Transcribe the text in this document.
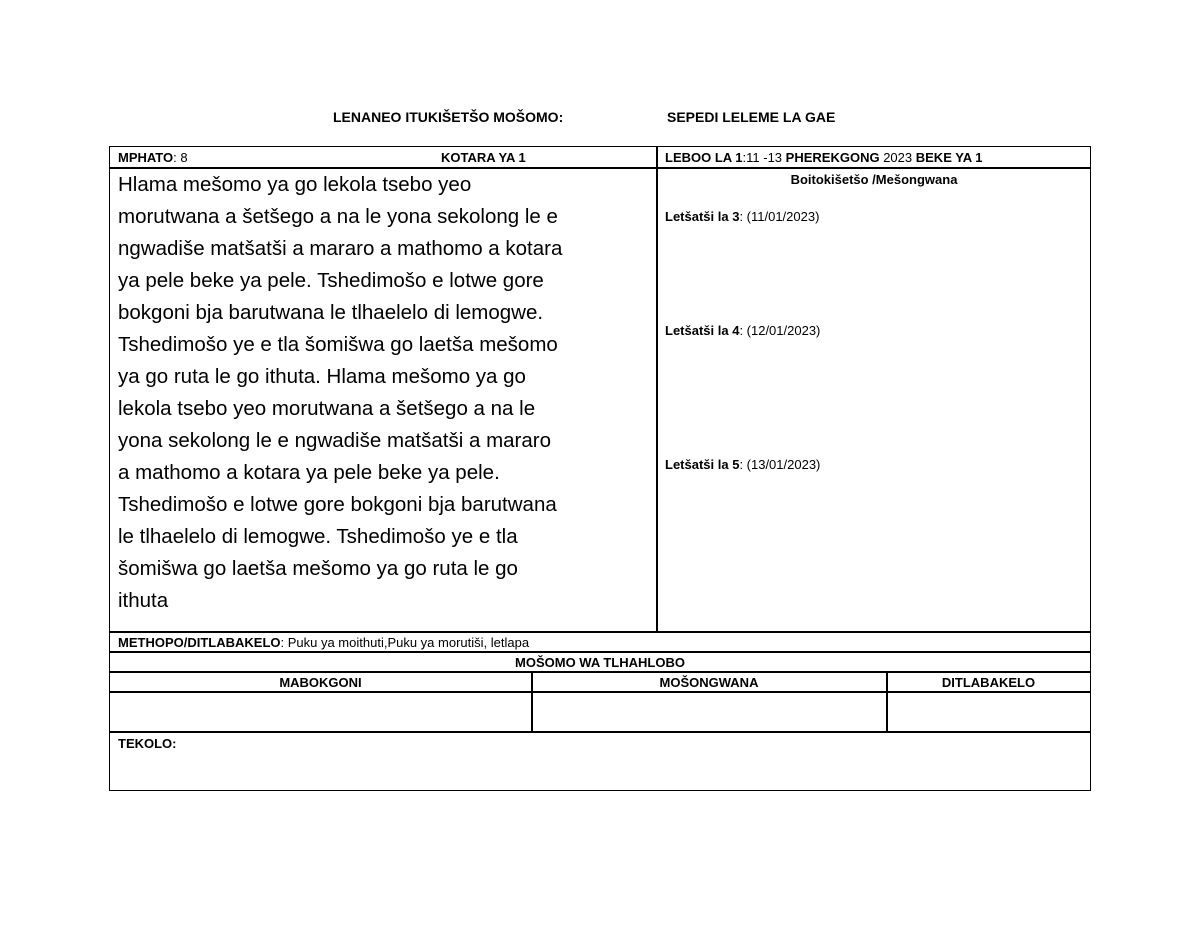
LENANEO ITUKIŠETŠO MOŠOMO:	SEPEDI LELEME LA GAE
MPHATO: 8	KOTARA YA 1	LEBOO LA 1:11 -13 PHEREKGONG 2023 BEKE YA 1
Hlama mešomo ya go lekola tsebo yeo
morutwana a šetšego a na le yona sekolong le e
ngwadiše matšatši a mararo a mathomo a kotara
ya pele beke ya pele. Tshedimošo e lotwe gore
bokgoni bja barutwana le tlhaelelo di lemogwe.
Tshedimošo ye e tla šomišwa go laetša mešomo
ya go ruta le go ithuta. Hlama mešomo ya go
lekola tsebo yeo morutwana a šetšego a na le
yona sekolong le e ngwadiše matšatši a mararo
a mathomo a kotara ya pele beke ya pele.
Tshedimošo e lotwe gore bokgoni bja barutwana
le tlhaelelo di lemogwe. Tshedimošo ye e tla
šomišwa go laetša mešomo ya go ruta le go
ithuta
Boitokišetšo /Mešongwana
Letšatši la 3: (11/01/2023)
Letšatši la 4: (12/01/2023)
Letšatši la 5: (13/01/2023)
METHOPO/DITLABAKELO: Puku ya moithuti,Puku ya morutiši, letlapa
MOŠOMO WA TLHAHLOBO
MABOKGONI	MOŠONGWANA	DITLABAKELO
TEKOLO:
